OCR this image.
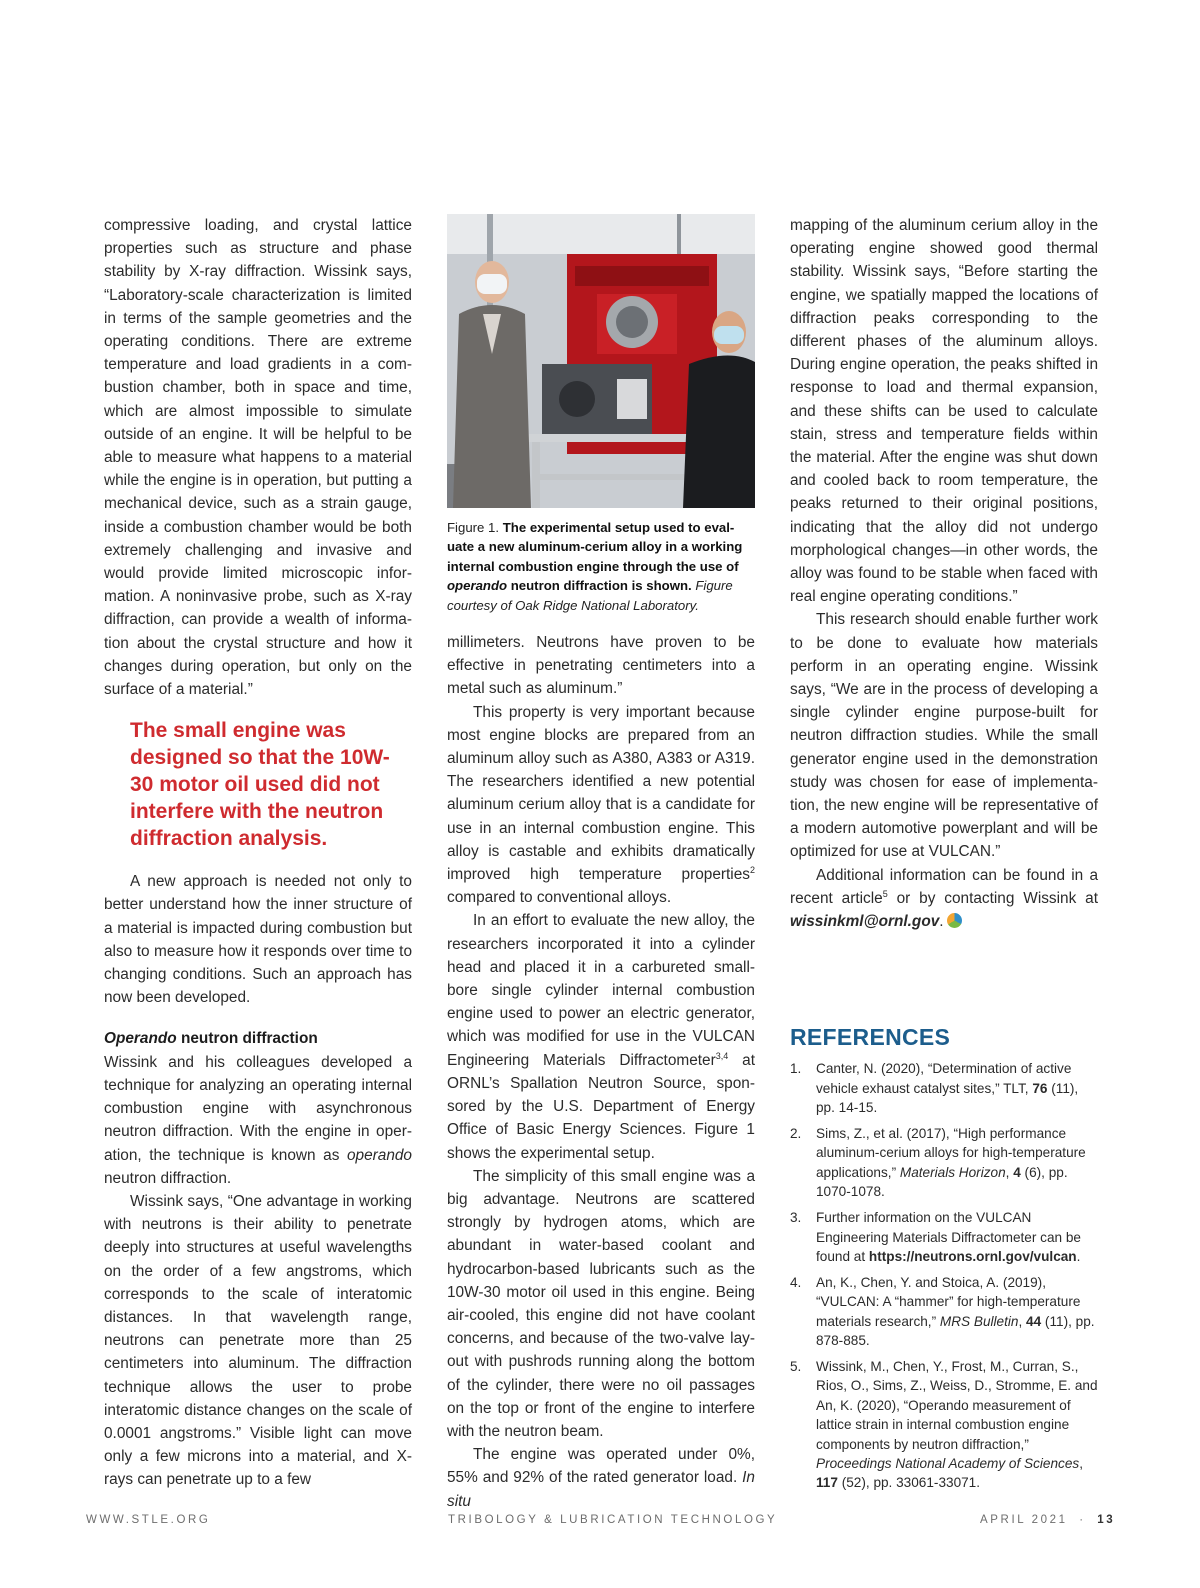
compressive loading, and crystal lattice properties such as structure and phase stability by X-ray diffraction. Wissink says, “Laboratory-scale characterization is limited in terms of the sample geometries and the operating conditions. There are extreme temperature and load gradients in a combustion chamber, both in space and time, which are almost impossible to simulate outside of an engine. It will be helpful to be able to measure what happens to a material while the engine is in operation, but putting a mechanical device, such as a strain gauge, inside a combustion chamber would be both extremely challenging and invasive and would provide limited microscopic information. A noninvasive probe, such as X-ray diffraction, can provide a wealth of information about the crystal structure and how it changes during operation, but only on the surface of a material.”

The small engine was designed so that the 10W-30 motor oil used did not interfere with the neutron diffraction analysis.

A new approach is needed not only to better understand how the inner structure of a material is impacted during combustion but also to measure how it responds over time to changing conditions. Such an approach has now been developed.

Operando neutron diffraction

Wissink and his colleagues developed a technique for analyzing an operating internal combustion engine with asynchronous neutron diffraction. With the engine in operation, the technique is known as operando neutron diffraction.

Wissink says, “One advantage in working with neutrons is their ability to penetrate deeply into structures at useful wavelengths on the order of a few angstroms, which corresponds to the scale of interatomic distances. In that wavelength range, neutrons can penetrate more than 25 centimeters into aluminum. The diffraction technique allows the user to probe interatomic distance changes on the scale of 0.0001 angstroms.” Visible light can move only a few microns into a material, and X-rays can penetrate up to a few

Figure 1. The experimental setup used to evaluate a new aluminum-cerium alloy in a working internal combustion engine through the use of operando neutron diffraction is shown. Figure courtesy of Oak Ridge National Laboratory.

millimeters. Neutrons have proven to be effective in penetrating centimeters into a metal such as aluminum.”

This property is very important because most engine blocks are prepared from an aluminum alloy such as A380, A383 or A319. The researchers identified a new potential aluminum cerium alloy that is a candidate for use in an internal combustion engine. This alloy is castable and exhibits dramatically improved high temperature properties$^2$ compared to conventional alloys.

In an effort to evaluate the new alloy, the researchers incorporated it into a cylinder head and placed it in a carbureted small-bore single cylinder internal combustion engine used to power an electric generator, which was modified for use in the VULCAN Engineering Materials Diffractometer$^{3,4}$ at ORNL’s Spallation Neutron Source, sponsored by the U.S. Department of Energy Office of Basic Energy Sciences. Figure 1 shows the experimental setup.

The simplicity of this small engine was a big advantage. Neutrons are scattered strongly by hydrogen atoms, which are abundant in water-based coolant and hydrocarbon-based lubricants such as the 10W-30 motor oil used in this engine. Being air-cooled, this engine did not have coolant concerns, and because of the two-valve layout with pushrods running along the bottom of the cylinder, there were no oil passages on the top or front of the engine to interfere with the neutron beam.

The engine was operated under 0%, 55% and 92% of the rated generator load. In situ

mapping of the aluminum cerium alloy in the operating engine showed good thermal stability. Wissink says, “Before starting the engine, we spatially mapped the locations of diffraction peaks corresponding to the different phases of the aluminum alloys. During engine operation, the peaks shifted in response to load and thermal expansion, and these shifts can be used to calculate stain, stress and temperature fields within the material. After the engine was shut down and cooled back to room temperature, the peaks returned to their original positions, indicating that the alloy did not undergo morphological changes—in other words, the alloy was found to be stable when faced with real engine operating conditions.”

This research should enable further work to be done to evaluate how materials perform in an operating engine. Wissink says, “We are in the process of developing a single cylinder engine purpose-built for neutron diffraction studies. While the small generator engine used in the demonstration study was chosen for ease of implementation, the new engine will be representative of a modern automotive powerplant and will be optimized for use at VULCAN.”

Additional information can be found in a recent article$^5$ or by contacting Wissink at wissinkml@ornl.gov.

REFERENCES
1. Canter, N. (2020), “Determination of active vehicle exhaust catalyst sites,” TLT, 76 (11), pp. 14-15.
2. Sims, Z., et al. (2017), “High performance aluminum-cerium alloys for high-temperature applications,” Materials Horizon, 4 (6), pp. 1070-1078.
3. Further information on the VULCAN Engineering Materials Diffractometer can be found at https://neutrons.ornl.gov/vulcan.
4. An, K., Chen, Y. and Stoica, A. (2019), “VULCAN: A “hammer” for high-temperature materials research,” MRS Bulletin, 44 (11), pp. 878-885.
5. Wissink, M., Chen, Y., Frost, M., Curran, S., Rios, O., Sims, Z., Weiss, D., Stromme, E. and An, K. (2020), “Operando measurement of lattice strain in internal combustion engine components by neutron diffraction,” Proceedings National Academy of Sciences, 117 (52), pp. 33061-33071.
WWW.STLE.ORG	TRIBOLOGY & LUBRICATION TECHNOLOGY	APRIL 2021 · 13
